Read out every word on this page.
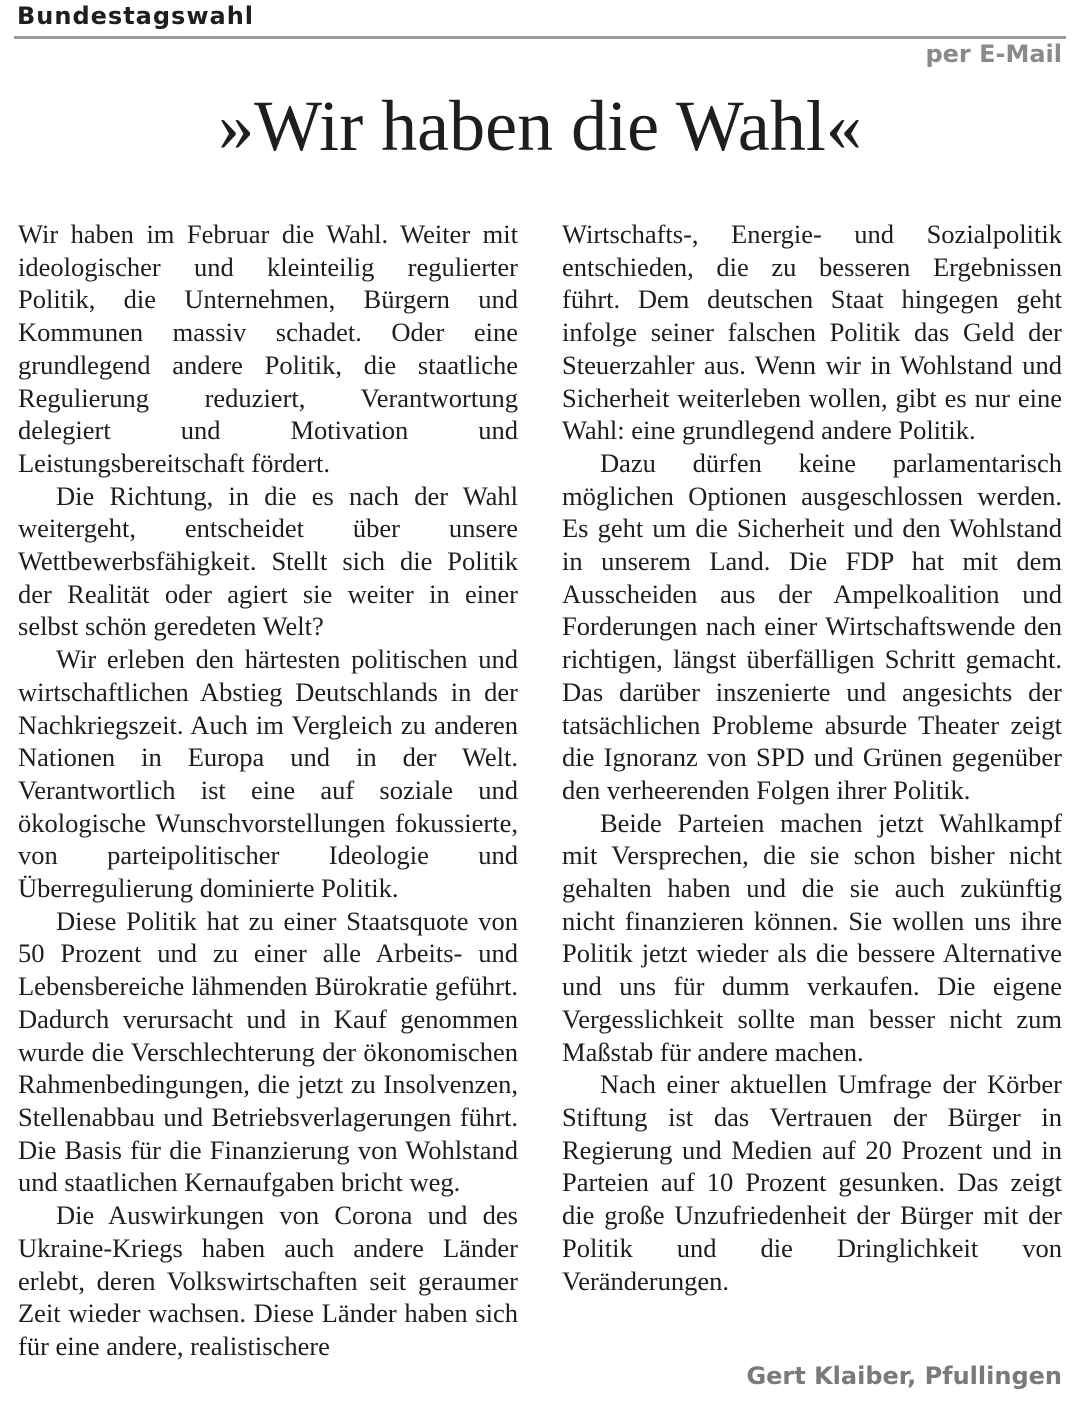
Bundestagswahl
per E-Mail
»Wir haben die Wahl«

Wir haben im Februar die Wahl. Weiter mit ideologischer und kleinteilig regulierter Politik, die Unternehmen, Bürgern und Kommunen massiv schadet. Oder eine grundlegend andere Politik, die staatliche Regulierung reduziert, Verantwortung delegiert und Motivation und Leistungsbereitschaft fördert.

Die Richtung, in die es nach der Wahl weitergeht, entscheidet über unsere Wettbewerbsfähigkeit. Stellt sich die Politik der Realität oder agiert sie weiter in einer selbst schön geredeten Welt?

Wir erleben den härtesten politischen und wirtschaftlichen Abstieg Deutschlands in der Nachkriegszeit. Auch im Vergleich zu anderen Nationen in Europa und in der Welt. Verantwortlich ist eine auf soziale und ökologische Wunschvorstellungen fokussierte, von parteipolitischer Ideologie und Überregulierung dominierte Politik.

Diese Politik hat zu einer Staatsquote von 50 Prozent und zu einer alle Arbeits- und Lebensbereiche lähmenden Bürokratie geführt. Dadurch verursacht und in Kauf genommen wurde die Verschlechterung der ökonomischen Rahmenbedingungen, die jetzt zu Insolvenzen, Stellenabbau und Betriebsverlagerungen führt. Die Basis für die Finanzierung von Wohlstand und staatlichen Kernaufgaben bricht weg.

Die Auswirkungen von Corona und des Ukraine-Kriegs haben auch andere Länder erlebt, deren Volkswirtschaften seit geraumer Zeit wieder wachsen. Diese Länder haben sich für eine andere, realistischere

Wirtschafts-, Energie- und Sozialpolitik entschieden, die zu besseren Ergebnissen führt. Dem deutschen Staat hingegen geht infolge seiner falschen Politik das Geld der Steuerzahler aus. Wenn wir in Wohlstand und Sicherheit weiterleben wollen, gibt es nur eine Wahl: eine grundlegend andere Politik.

Dazu dürfen keine parlamentarisch möglichen Optionen ausgeschlossen werden. Es geht um die Sicherheit und den Wohlstand in unserem Land. Die FDP hat mit dem Ausscheiden aus der Ampelkoalition und Forderungen nach einer Wirtschaftswende den richtigen, längst überfälligen Schritt gemacht. Das darüber inszenierte und angesichts der tatsächlichen Probleme absurde Theater zeigt die Ignoranz von SPD und Grünen gegenüber den verheerenden Folgen ihrer Politik.

Beide Parteien machen jetzt Wahlkampf mit Versprechen, die sie schon bisher nicht gehalten haben und die sie auch zukünftig nicht finanzieren können. Sie wollen uns ihre Politik jetzt wieder als die bessere Alternative und uns für dumm verkaufen. Die eigene Vergesslichkeit sollte man besser nicht zum Maßstab für andere machen.

Nach einer aktuellen Umfrage der Körber Stiftung ist das Vertrauen der Bürger in Regierung und Medien auf 20 Prozent und in Parteien auf 10 Prozent gesunken. Das zeigt die große Unzufriedenheit der Bürger mit der Politik und die Dringlichkeit von Veränderungen.

Gert Klaiber, Pfullingen
